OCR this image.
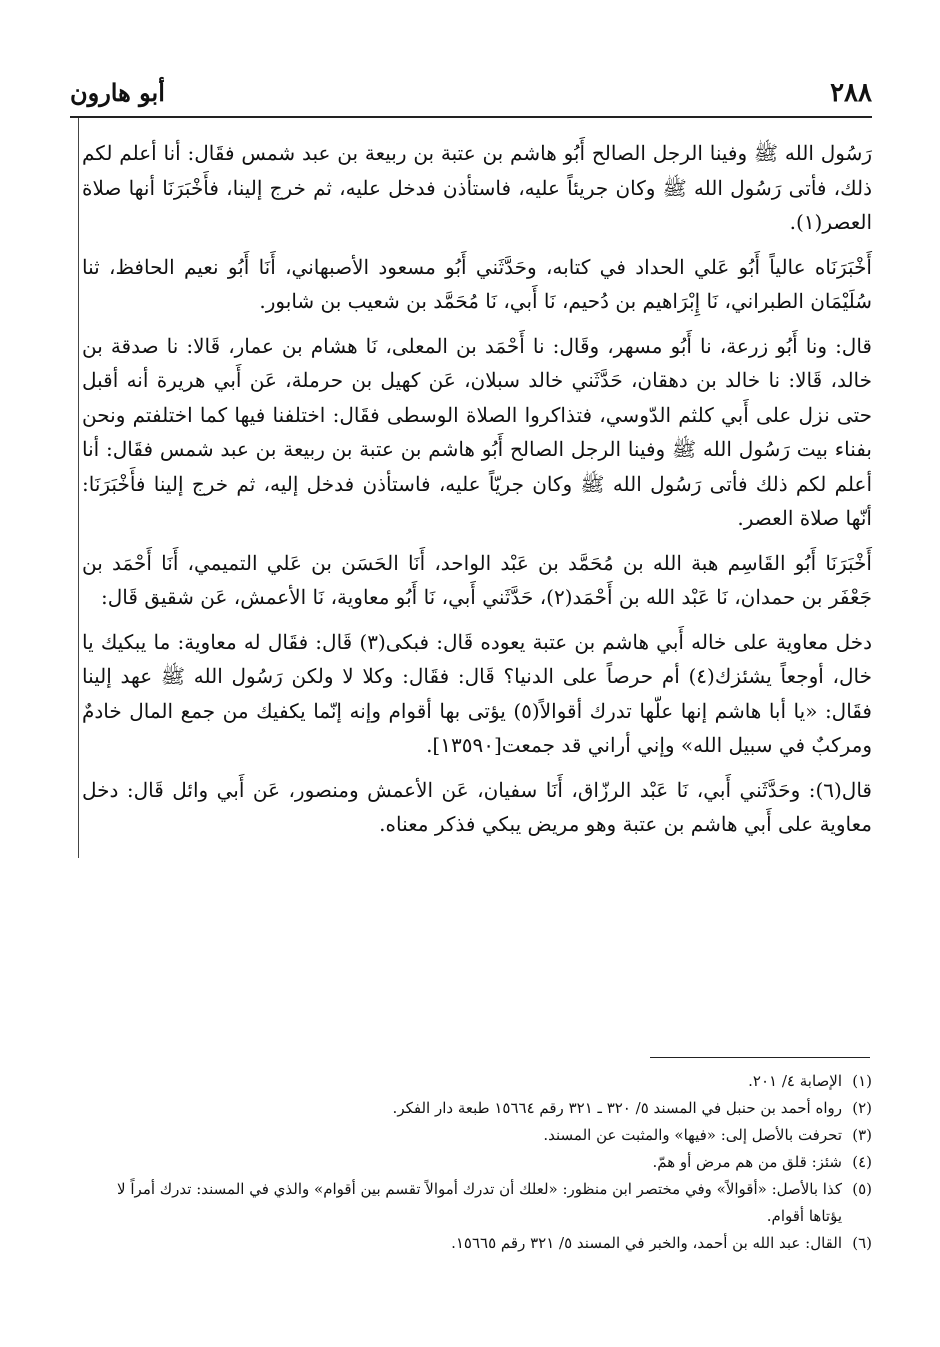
٢٨٨
أبو هارون

رَسُول الله ﷺ وفينا الرجل الصالح أَبُو هاشم بن عتبة بن ربيعة بن عبد شمس فقَال: أنا أعلم لكم ذلك، فأتى رَسُول الله ﷺ وكان جريئاً عليه، فاستأذن فدخل عليه، ثم خرج إلينا، فأَخْبَرَنَا أنها صلاة العصر(١).

أَخْبَرَنَاه عالياً أَبُو عَلي الحداد في كتابه، وحَدَّثَني أَبُو مسعود الأصبهاني، أَنَا أَبُو نعيم الحافظ، ثنا سُلَيْمَان الطبراني، نَا إِبْرَاهيم بن دُحيم، نَا أَبي، نَا مُحَمَّد بن شعيب بن شابور.

قال: ونا أَبُو زرعة، نا أَبُو مسهر، وقَال: نا أَحْمَد بن المعلى، نَا هشام بن عمار، قَالا: نا صدقة بن خالد، قَالا: نا خالد بن دهقان، حَدَّثَني خالد سبلان، عَن كهيل بن حرملة، عَن أَبي هريرة أنه أقبل حتى نزل على أَبي كلثم الدّوسي، فتذاكروا الصلاة الوسطى فقَال: اختلفنا فيها كما اختلفتم ونحن بفناء بيت رَسُول الله ﷺ وفينا الرجل الصالح أَبُو هاشم بن عتبة بن ربيعة بن عبد شمس فقَال: أنا أعلم لكم ذلك فأتى رَسُول الله ﷺ وكان جريّاً عليه، فاستأذن فدخل إليه، ثم خرج إلينا فأَخْبَرَنَا: أنّها صلاة العصر.

أَخْبَرَنَا أَبُو القَاسِم هبة الله بن مُحَمَّد بن عَبْد الواحد، أَنَا الحَسَن بن عَلي التميمي، أَنَا أَحْمَد بن جَعْفَر بن حمدان، نَا عَبْد الله بن أَحْمَد(٢)، حَدَّثَني أَبي، نَا أَبُو معاوية، نَا الأعمش، عَن شقيق قَال:

دخل معاوية على خاله أَبي هاشم بن عتبة يعوده قَال: فبكى(٣) قَال: فقَال له معاوية: ما يبكيك يا خال، أوجعاً يشئزك(٤) أم حرصاً على الدنيا؟ قَال: فقَال: وكلا لا ولكن رَسُول الله ﷺ عهد إلينا فقَال: «يا أبا هاشم إنها علّها تدرك أقوالاً(٥) يؤتى بها أقوام وإنه إنّما يكفيك من جمع المال خادمٌ ومركبٌ في سبيل الله» وإني أراني قد جمعت[١٣٥٩٠].

قال(٦): وحَدَّثَني أَبي، نَا عَبْد الرزّاق، أَنَا سفيان، عَن الأعمش ومنصور، عَن أَبي وائل قَال: دخل معاوية على أَبي هاشم بن عتبة وهو مريض يبكي فذكر معناه.

(١)
الإصابة ٤/ ٢٠١.
(٢)
رواه أحمد بن حنبل في المسند ٥/ ٣٢٠ ـ ٣٢١ رقم ١٥٦٦٤ طبعة دار الفكر.
(٣)
تحرفت بالأصل إلى: «فيها» والمثبت عن المسند.
(٤)
شئز: قلق من هم مرض أو همّ.
(٥)
كذا بالأصل: «أقوالاً» وفي مختصر ابن منظور: «لعلك أن تدرك أموالاً تقسم بين أقوام» والذي في المسند: تدرك أمراً لا يؤتاها أقوام.
(٦)
القال: عبد الله بن أحمد، والخبر في المسند ٥/ ٣٢١ رقم ١٥٦٦٥.
